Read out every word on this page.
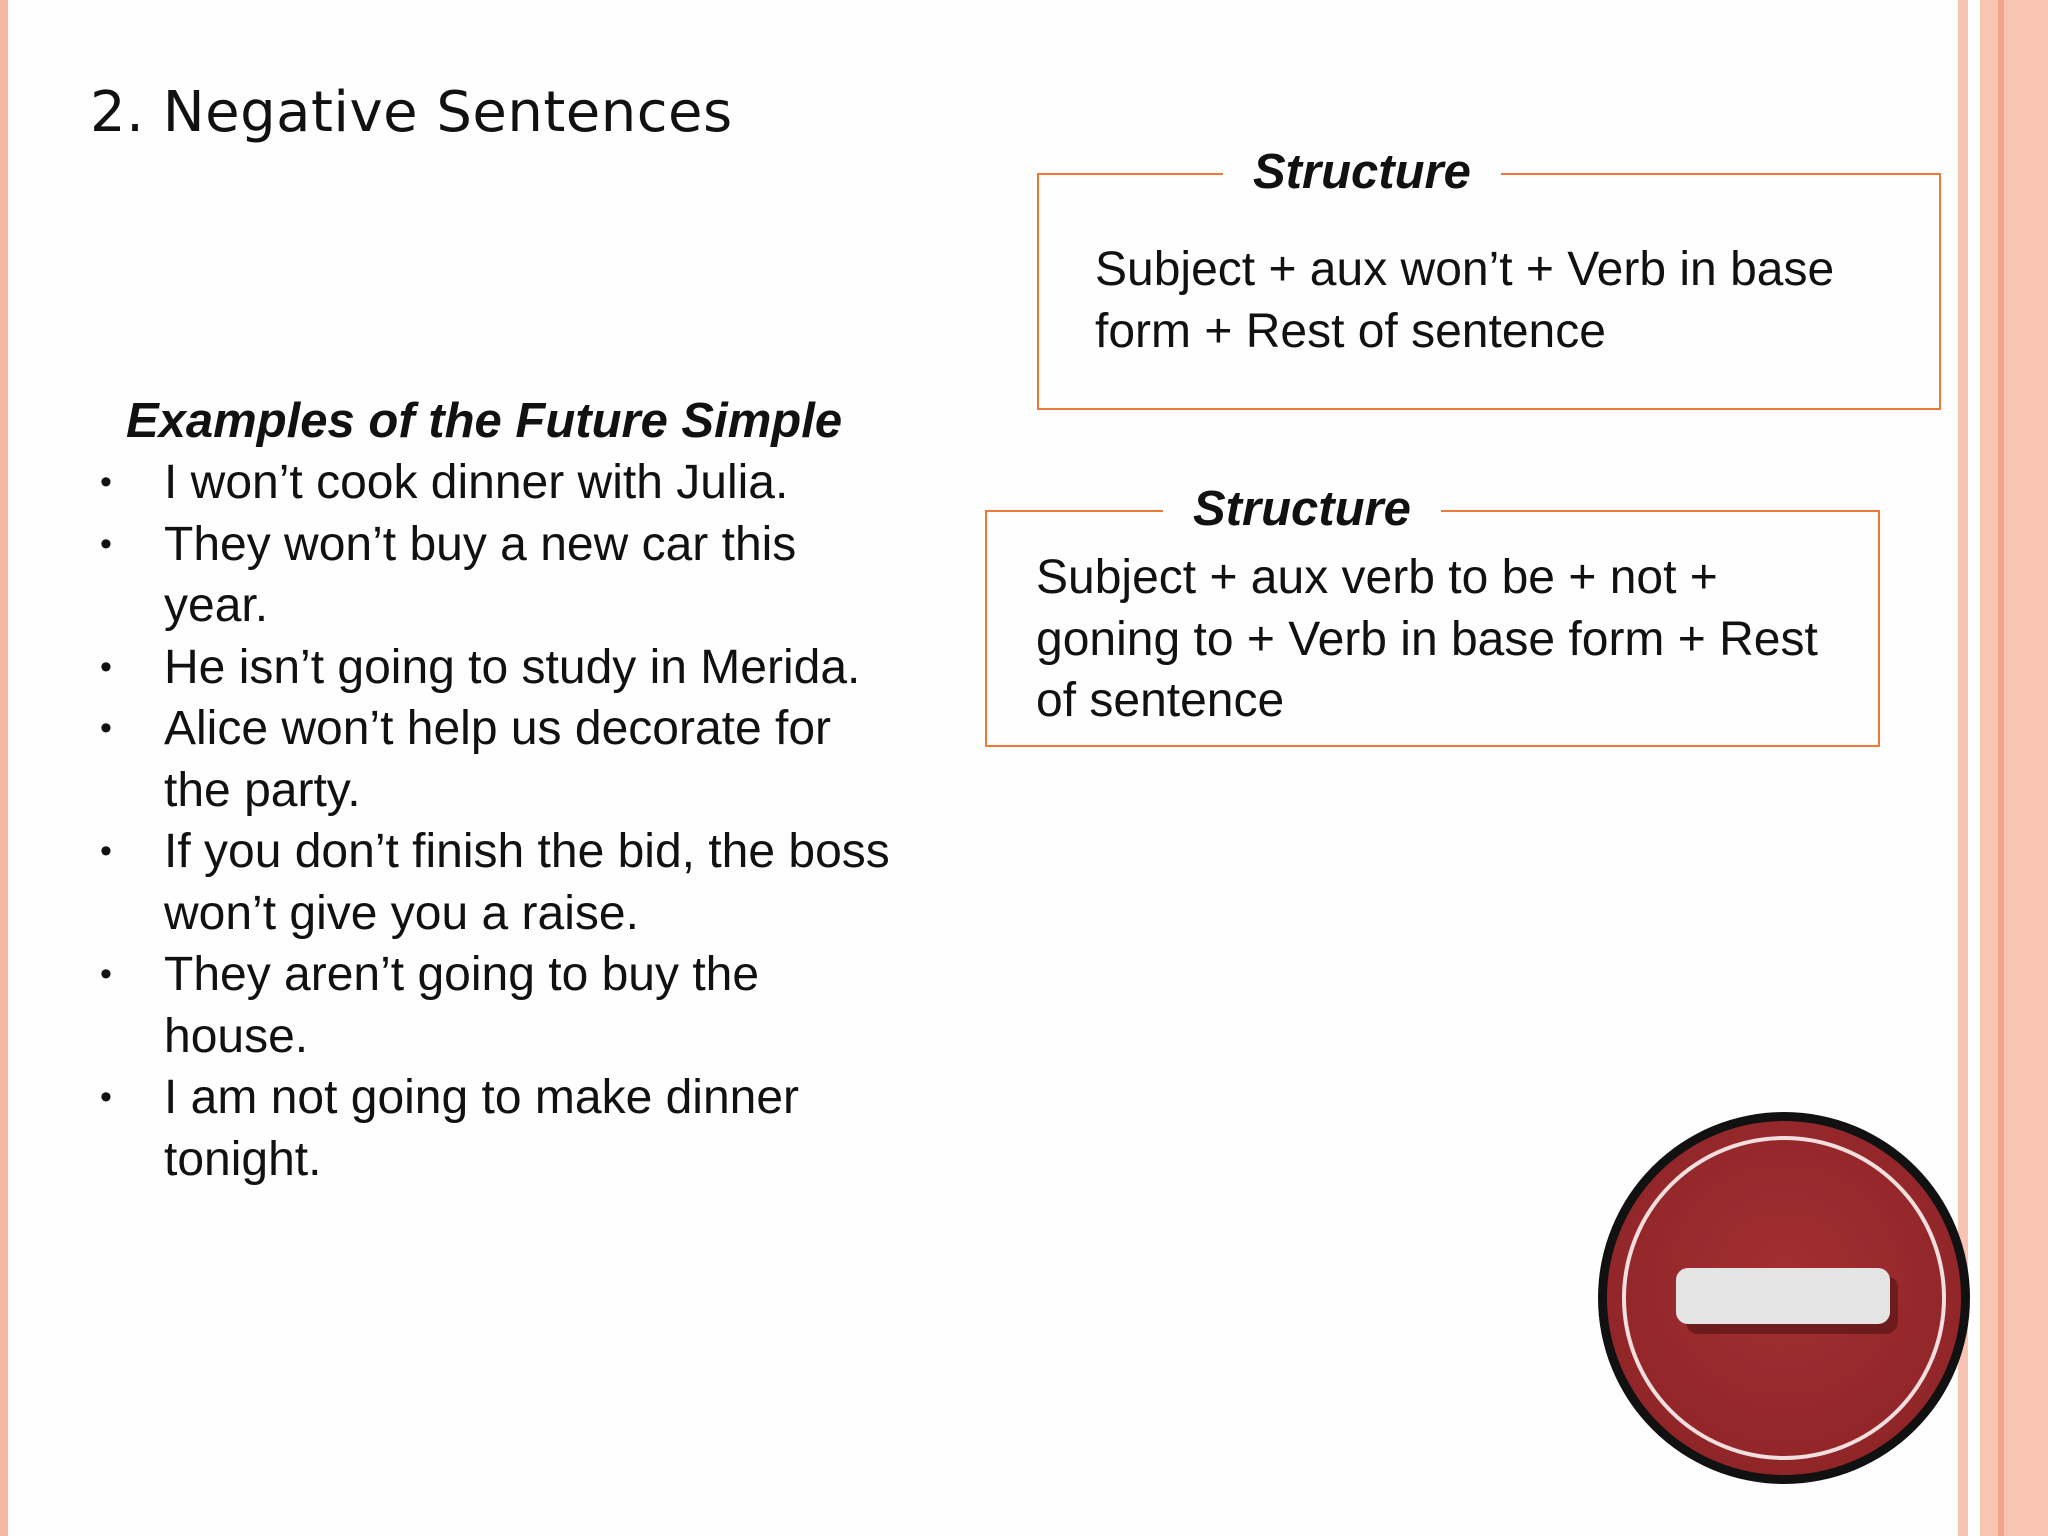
2. Negative Sentences
Examples of the Future Simple
• I won’t cook dinner with Julia.
• They won’t buy a new car this year.
• He isn’t going to study in Merida.
• Alice won’t help us decorate for the party.
• If you don’t finish the bid, the boss won’t give you a raise.
• They aren’t going to buy the house.
• I am not going to make dinner tonight.
Structure
Subject + aux won’t + Verb in base form + Rest of sentence
Structure
Subject + aux verb to be + not + goning to + Verb in base form + Rest of sentence
